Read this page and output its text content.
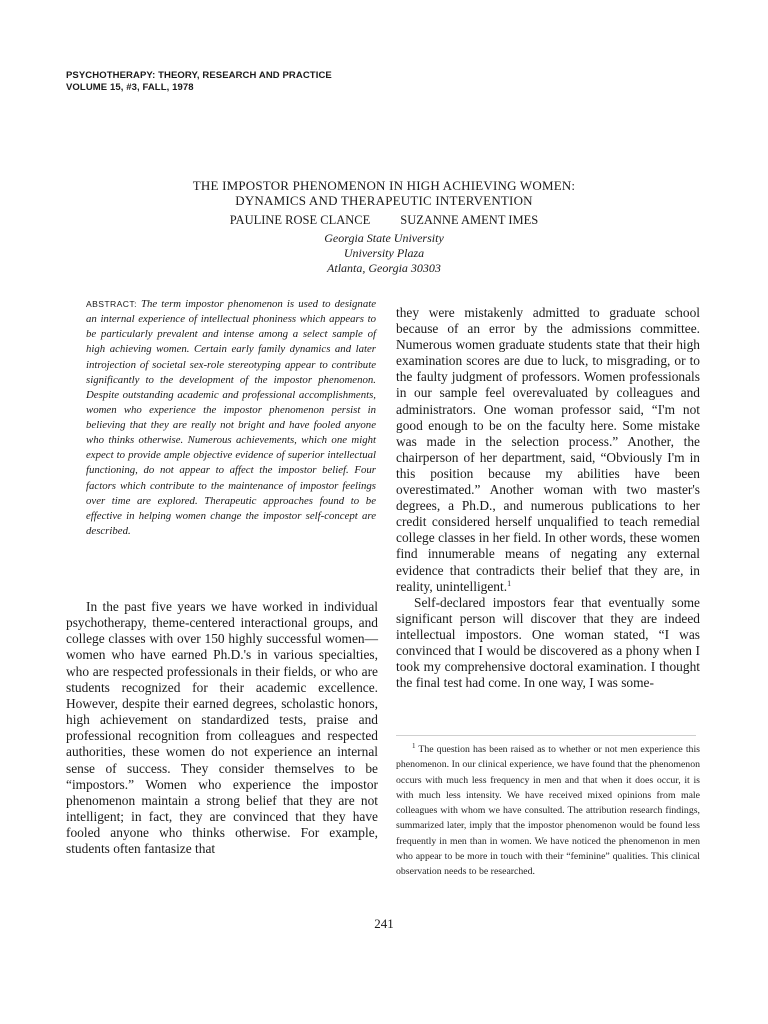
PSYCHOTHERAPY: THEORY, RESEARCH AND PRACTICE
VOLUME 15, #3, FALL, 1978
THE IMPOSTOR PHENOMENON IN HIGH ACHIEVING WOMEN:
DYNAMICS AND THERAPEUTIC INTERVENTION
PAULINE ROSE CLANCE SUZANNE AMENT IMES
Georgia State University
University Plaza
Atlanta, Georgia 30303
ABSTRACT: The term impostor phenomenon is used to designate an internal experience of intellectual phoniness which appears to be particularly prevalent and intense among a select sample of high achieving women. Certain early family dynamics and later introjection of societal sex-role stereotyping appear to contribute significantly to the development of the impostor phenomenon. Despite outstanding academic and professional accomplishments, women who experience the impostor phenomenon persist in believing that they are really not bright and have fooled anyone who thinks otherwise. Numerous achievements, which one might expect to provide ample objective evidence of superior intellectual functioning, do not appear to affect the impostor belief. Four factors which contribute to the maintenance of impostor feelings over time are explored. Therapeutic approaches found to be effective in helping women change the impostor self-concept are described.

In the past five years we have worked in individual psychotherapy, theme-centered interactional groups, and college classes with over 150 highly successful women—women who have earned Ph.D.'s in various specialties, who are respected professionals in their fields, or who are students recognized for their academic excellence. However, despite their earned degrees, scholastic honors, high achievement on standardized tests, praise and professional recognition from colleagues and respected authorities, these women do not experience an internal sense of success. They consider themselves to be “impostors.” Women who experience the impostor phenomenon maintain a strong belief that they are not intelligent; in fact, they are convinced that they have fooled anyone who thinks otherwise. For example, students often fantasize that

they were mistakenly admitted to graduate school because of an error by the admissions committee. Numerous women graduate students state that their high examination scores are due to luck, to misgrading, or to the faulty judgment of professors. Women professionals in our sample feel overevaluated by colleagues and administrators. One woman professor said, “I'm not good enough to be on the faculty here. Some mistake was made in the selection process.” Another, the chairperson of her department, said, “Obviously I'm in this position because my abilities have been overestimated.” Another woman with two master's degrees, a Ph.D., and numerous publications to her credit considered herself unqualified to teach remedial college classes in her field. In other words, these women find innumerable means of negating any external evidence that contradicts their belief that they are, in reality, unintelligent.$^1$

Self-declared impostors fear that eventually some significant person will discover that they are indeed intellectual impostors. One woman stated, “I was convinced that I would be discovered as a phony when I took my comprehensive doctoral examination. I thought the final test had come. In one way, I was some-

$^1$ The question has been raised as to whether or not men experience this phenomenon. In our clinical experience, we have found that the phenomenon occurs with much less frequency in men and that when it does occur, it is with much less intensity. We have received mixed opinions from male colleagues with whom we have consulted. The attribution research findings, summarized later, imply that the impostor phenomenon would be found less frequently in men than in women. We have noticed the phenomenon in men who appear to be more in touch with their “feminine” qualities. This clinical observation needs to be researched.

241
